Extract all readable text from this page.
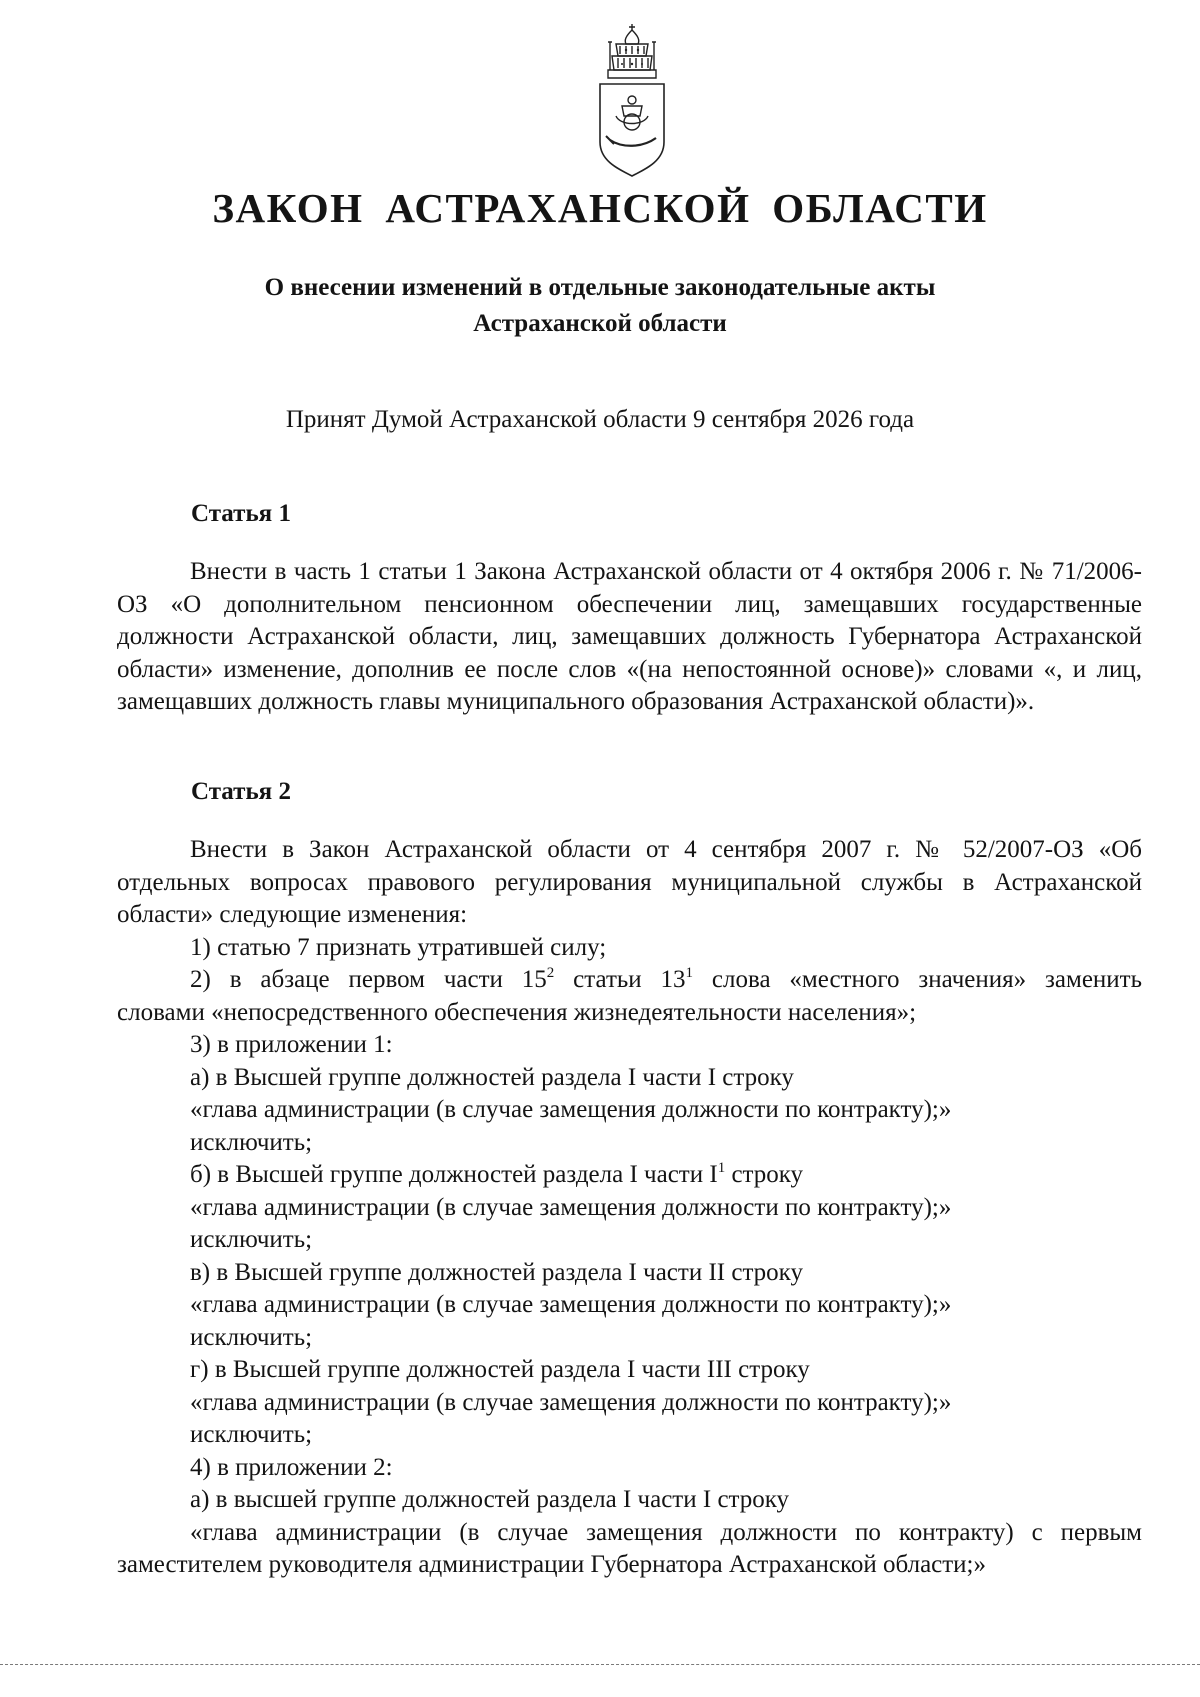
ЗАКОН АСТРАХАНСКОЙ ОБЛАСТИ
О внесении изменений в отдельные законодательные акты
Астраханской области
Принят Думой Астраханской области 9 сентября 2026 года
Статья 1
Внести в часть 1 статьи 1 Закона Астраханской области от 4 октября 2006 г. № 71/2006-ОЗ «О дополнительном пенсионном обеспечении лиц, замещавших государственные должности Астраханской области, лиц, замещавших должность Губернатора Астраханской области» изменение, дополнив ее после слов «(на непостоянной основе)» словами «, и лиц, замещавших должность главы муниципального образования Астраханской области)».
Статья 2
Внести в Закон Астраханской области от 4 сентября 2007 г. № 52/2007-ОЗ «Об отдельных вопросах правового регулирования муниципальной службы в Астраханской области» следующие изменения:
1) статью 7 признать утратившей силу;
2) в абзаце первом части $15^2$ статьи $13^1$ слова «местного значения» заменить
словами «непосредственного обеспечения жизнедеятельности населения»;
3) в приложении 1:
а) в Высшей группе должностей раздела I части I строку
«глава администрации (в случае замещения должности по контракту);»
исключить;
б) в Высшей группе должностей раздела I части $I^1$ строку
«глава администрации (в случае замещения должности по контракту);»
исключить;
в) в Высшей группе должностей раздела I части II строку
«глава администрации (в случае замещения должности по контракту);»
исключить;
г) в Высшей группе должностей раздела I части III строку
«глава администрации (в случае замещения должности по контракту);»
исключить;
4) в приложении 2:
а) в высшей группе должностей раздела I части I строку
«глава администрации (в случае замещения должности по контракту) с первым
заместителем руководителя администрации Губернатора Астраханской области;»
